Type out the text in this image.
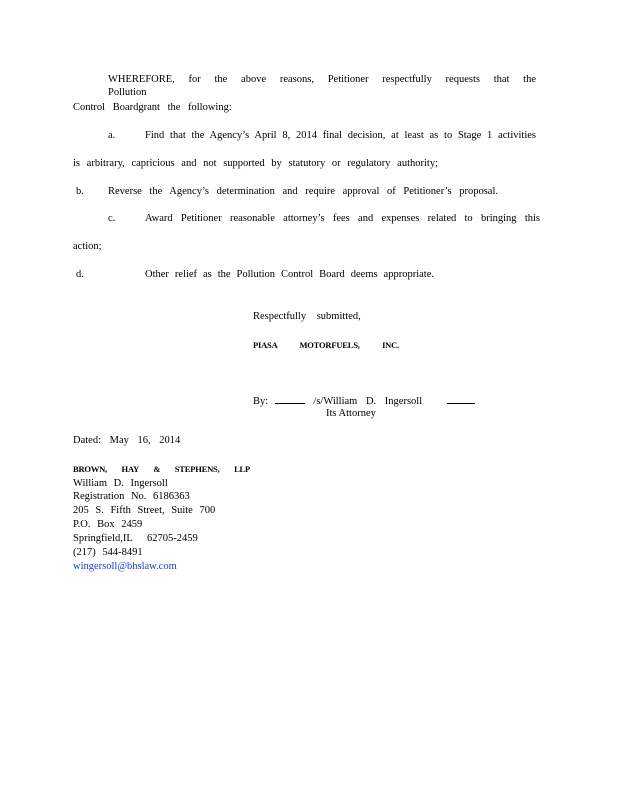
WHEREFORE, for the above reasons, Petitioner respectfully requests that the Pollution
Control Boardgrant the following:
a.	Find that the Agency’s April 8, 2014 final decision, at least as to Stage 1 activities
is arbitrary, capricious and not supported by statutory or regulatory authority;
b. Reverse the Agency’s determination and require approval of Petitioner’s proposal.
c.	Award Petitioner reasonable attorney’s fees and expenses related to bringing this
action;
d.	Other relief as the Pollution Control Board deems appropriate.
Respectfully submitted,
PIASA MOTORFUELS, INC.
By:	/s/William D. Ingersoll
Its Attorney
Dated: May 16, 2014
BROWN, HAY & STEPHENS, LLP
William D. Ingersoll
Registration No. 6186363
205 S. Fifth Street, Suite 700
P.O. Box 2459
Springfield,IL 62705-2459
(217) 544-8491
wingersoll@bhslaw.com
